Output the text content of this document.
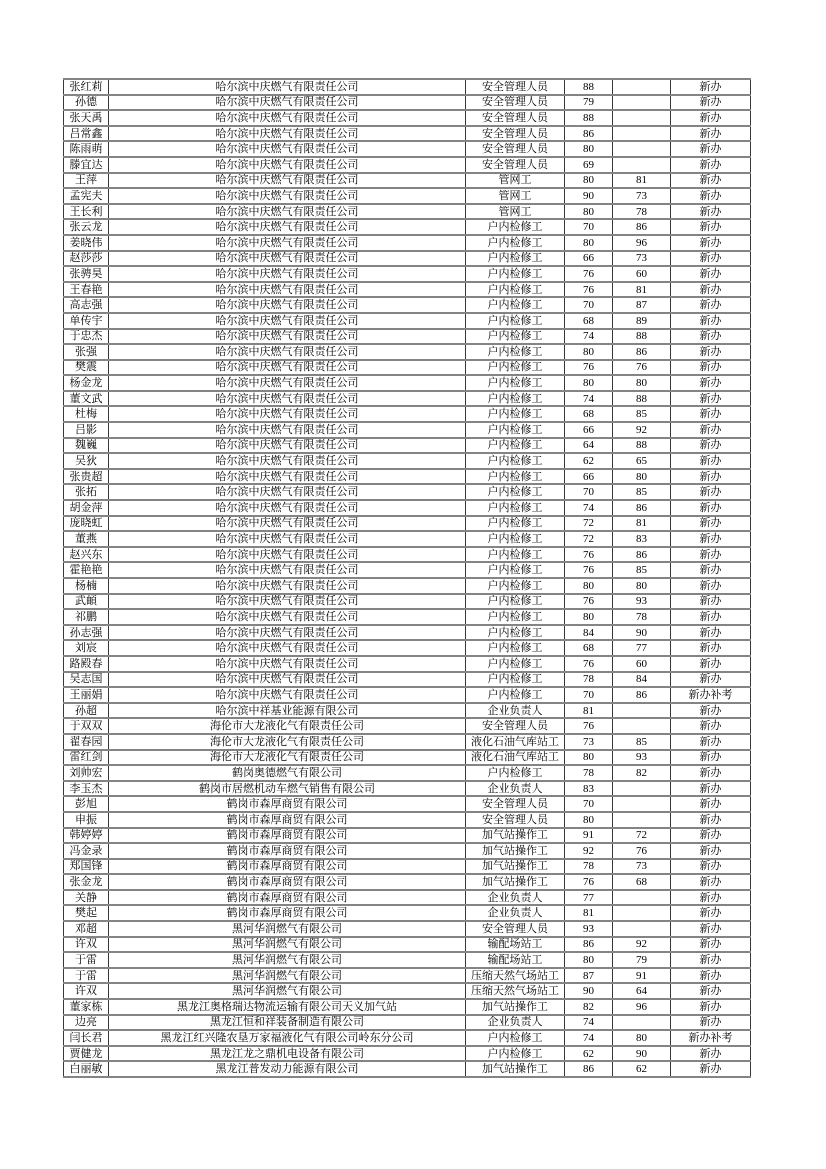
张红莉	哈尔滨中庆燃气有限责任公司	安全管理人员	88		新办
孙德	哈尔滨中庆燃气有限责任公司	安全管理人员	79		新办
张天禹	哈尔滨中庆燃气有限责任公司	安全管理人员	88		新办
吕常鑫	哈尔滨中庆燃气有限责任公司	安全管理人员	86		新办
陈雨萌	哈尔滨中庆燃气有限责任公司	安全管理人员	80		新办
滕宜达	哈尔滨中庆燃气有限责任公司	安全管理人员	69		新办
王萍	哈尔滨中庆燃气有限责任公司	管网工	80	81	新办
孟宪夫	哈尔滨中庆燃气有限责任公司	管网工	90	73	新办
王长利	哈尔滨中庆燃气有限责任公司	管网工	80	78	新办
张云龙	哈尔滨中庆燃气有限责任公司	户内检修工	70	86	新办
姜晓伟	哈尔滨中庆燃气有限责任公司	户内检修工	80	96	新办
赵莎莎	哈尔滨中庆燃气有限责任公司	户内检修工	66	73	新办
张骋昊	哈尔滨中庆燃气有限责任公司	户内检修工	76	60	新办
王春艳	哈尔滨中庆燃气有限责任公司	户内检修工	76	81	新办
高志强	哈尔滨中庆燃气有限责任公司	户内检修工	70	87	新办
单传宇	哈尔滨中庆燃气有限责任公司	户内检修工	68	89	新办
于忠杰	哈尔滨中庆燃气有限责任公司	户内检修工	74	88	新办
张强	哈尔滨中庆燃气有限责任公司	户内检修工	80	86	新办
樊震	哈尔滨中庆燃气有限责任公司	户内检修工	76	76	新办
杨金龙	哈尔滨中庆燃气有限责任公司	户内检修工	80	80	新办
董文武	哈尔滨中庆燃气有限责任公司	户内检修工	74	88	新办
杜梅	哈尔滨中庆燃气有限责任公司	户内检修工	68	85	新办
吕影	哈尔滨中庆燃气有限责任公司	户内检修工	66	92	新办
魏巍	哈尔滨中庆燃气有限责任公司	户内检修工	64	88	新办
吴狄	哈尔滨中庆燃气有限责任公司	户内检修工	62	65	新办
张贵超	哈尔滨中庆燃气有限责任公司	户内检修工	66	80	新办
张拓	哈尔滨中庆燃气有限责任公司	户内检修工	70	85	新办
胡金萍	哈尔滨中庆燃气有限责任公司	户内检修工	74	86	新办
庞晓虹	哈尔滨中庆燃气有限责任公司	户内检修工	72	81	新办
董燕	哈尔滨中庆燃气有限责任公司	户内检修工	72	83	新办
赵兴东	哈尔滨中庆燃气有限责任公司	户内检修工	76	86	新办
霍艳艳	哈尔滨中庆燃气有限责任公司	户内检修工	76	85	新办
杨楠	哈尔滨中庆燃气有限责任公司	户内检修工	80	80	新办
武頔	哈尔滨中庆燃气有限责任公司	户内检修工	76	93	新办
祁鹏	哈尔滨中庆燃气有限责任公司	户内检修工	80	78	新办
孙志强	哈尔滨中庆燃气有限责任公司	户内检修工	84	90	新办
刘宸	哈尔滨中庆燃气有限责任公司	户内检修工	68	77	新办
路殿春	哈尔滨中庆燃气有限责任公司	户内检修工	76	60	新办
吴志国	哈尔滨中庆燃气有限责任公司	户内检修工	78	84	新办
王丽娟	哈尔滨中庆燃气有限责任公司	户内检修工	70	86	新办补考
孙超	哈尔滨中祥基业能源有限公司	企业负责人	81		新办
于双双	海伦市大龙液化气有限责任公司	安全管理人员	76		新办
翟春园	海伦市大龙液化气有限责任公司	液化石油气库站工	73	85	新办
雷红剑	海伦市大龙液化气有限责任公司	液化石油气库站工	80	93	新办
刘帅宏	鹤岗奥德燃气有限公司	户内检修工	78	82	新办
李玉杰	鹤岗市居燃机动车燃气销售有限公司	企业负责人	83		新办
彭旭	鹤岗市森厚商贸有限公司	安全管理人员	70		新办
申振	鹤岗市森厚商贸有限公司	安全管理人员	80		新办
韩婷婷	鹤岗市森厚商贸有限公司	加气站操作工	91	72	新办
冯金录	鹤岗市森厚商贸有限公司	加气站操作工	92	76	新办
郑国锋	鹤岗市森厚商贸有限公司	加气站操作工	78	73	新办
张金龙	鹤岗市森厚商贸有限公司	加气站操作工	76	68	新办
关静	鹤岗市森厚商贸有限公司	企业负责人	77		新办
樊起	鹤岗市森厚商贸有限公司	企业负责人	81		新办
邓超	黑河华润燃气有限公司	安全管理人员	93		新办
许双	黑河华润燃气有限公司	输配场站工	86	92	新办
于雷	黑河华润燃气有限公司	输配场站工	80	79	新办
于雷	黑河华润燃气有限公司	压缩天然气场站工	87	91	新办
许双	黑河华润燃气有限公司	压缩天然气场站工	90	64	新办
董家栋	黑龙江奥格瑞达物流运输有限公司天义加气站	加气站操作工	82	96	新办
边亮	黑龙江恒和祥装备制造有限公司	企业负责人	74		新办
闫长君	黑龙江红兴隆农垦万家福液化气有限公司岭东分公司	户内检修工	74	80	新办补考
贾健龙	黑龙江龙之鼎机电设备有限公司	户内检修工	62	90	新办
白丽敏	黑龙江普发动力能源有限公司	加气站操作工	86	62	新办
